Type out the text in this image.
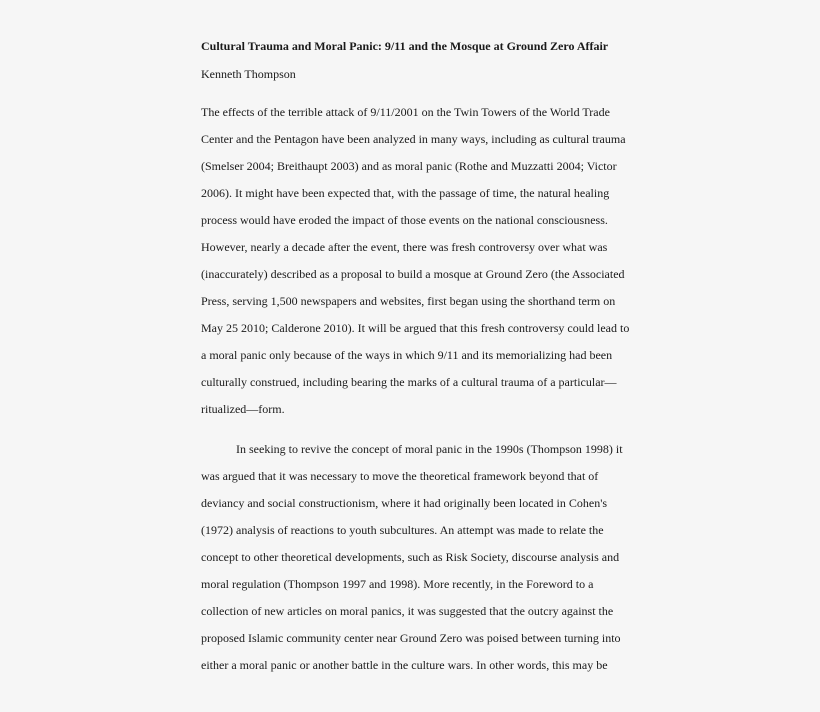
Cultural Trauma and Moral Panic: 9/11 and the Mosque at Ground Zero Affair
Kenneth Thompson
The effects of the terrible attack of 9/11/2001 on the Twin Towers of the World Trade
Center and the Pentagon have been analyzed in many ways, including as cultural trauma
(Smelser 2004; Breithaupt 2003) and as moral panic (Rothe and Muzzatti 2004; Victor
2006). It might have been expected that, with the passage of time, the natural healing
process would have eroded the impact of those events on the national consciousness.
However, nearly a decade after the event, there was fresh controversy over what was
(inaccurately) described as a proposal to build a mosque at Ground Zero (the Associated
Press, serving 1,500 newspapers and websites, first began using the shorthand term on
May 25 2010; Calderone 2010). It will be argued that this fresh controversy could lead to
a moral panic only because of the ways in which 9/11 and its memorializing had been
culturally construed, including bearing the marks of a cultural trauma of a particular—
ritualized—form.
In seeking to revive the concept of moral panic in the 1990s (Thompson 1998) it
was argued that it was necessary to move the theoretical framework beyond that of
deviancy and social constructionism, where it had originally been located in Cohen's
(1972) analysis of reactions to youth subcultures. An attempt was made to relate the
concept to other theoretical developments, such as Risk Society, discourse analysis and
moral regulation (Thompson 1997 and 1998). More recently, in the Foreword to a
collection of new articles on moral panics, it was suggested that the outcry against the
proposed Islamic community center near Ground Zero was poised between turning into
either a moral panic or another battle in the culture wars. In other words, this may be
